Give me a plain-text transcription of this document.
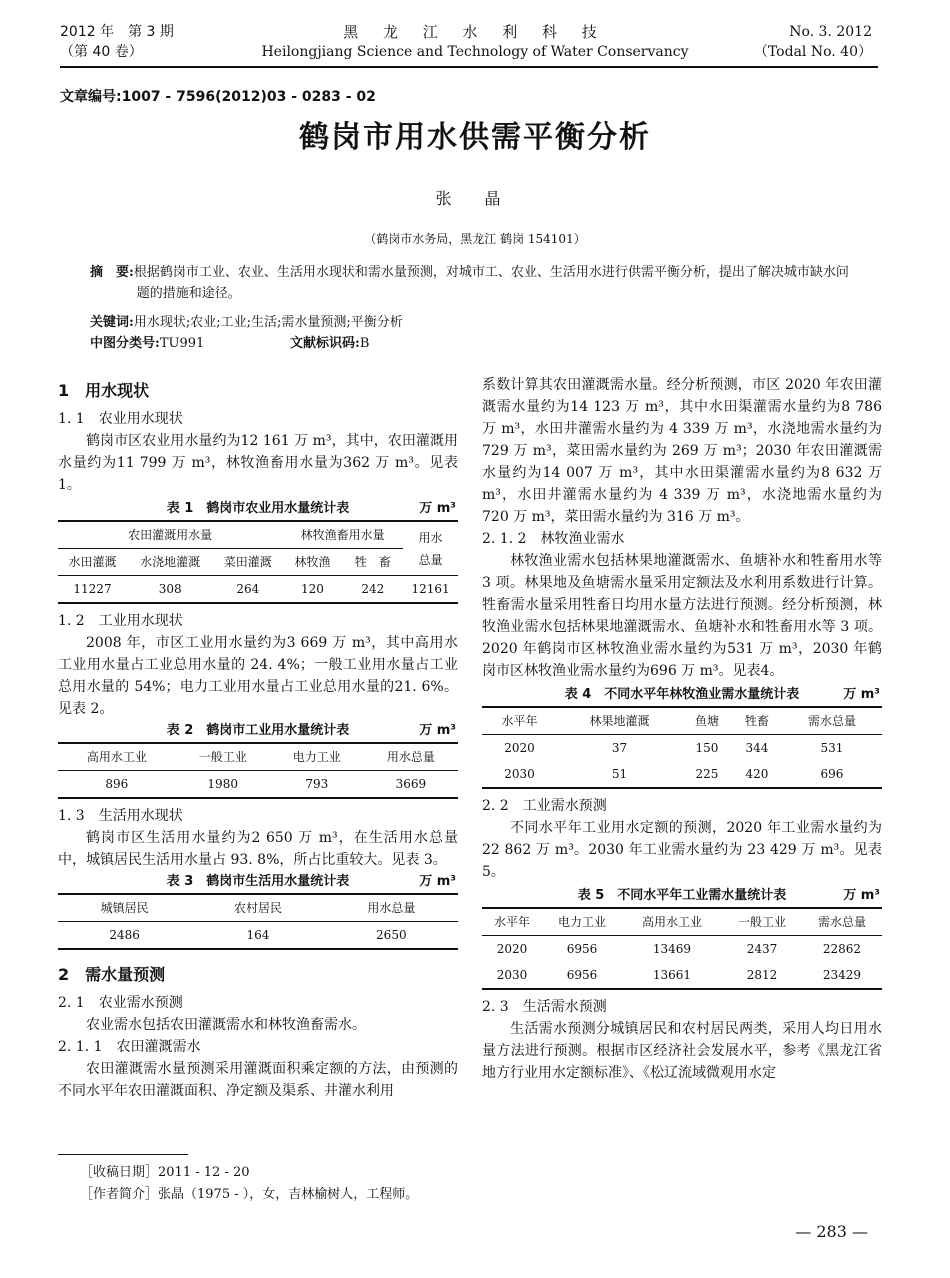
2012 年　第 3 期
（第 40 卷）
黑 龙 江 水 利 科 技
Heilongjiang Science and Technology of Water Conservancy
No. 3. 2012
（Todal No. 40）
文章编号:1007 - 7596(2012)03 - 0283 - 02
鹤岗市用水供需平衡分析
张 晶
（鹤岗市水务局，黑龙江 鹤岗 154101）
摘　要:根据鹤岗市工业、农业、生活用水现状和需水量预测，对城市工、农业、生活用水进行供需平衡分析，提出了解决城市缺水问题的措施和途径。
关键词:用水现状;农业;工业;生活;需水量预测;平衡分析
中图分类号:TU991	文献标识码:B
1　用水现状
1. 1　农业用水现状

鹤岗市区农业用水量约为12 161 万 m³，其中，农田灌溉用水量约为11 799 万 m³，林牧渔畜用水量为362 万 m³。见表1。

表 1　鹤岗市农业用水量统计表	万 m³
农田灌溉用水量			林牧渔畜用水量		用水
总量
水田灌溉	水浇地灌溉	菜田灌溉	林牧渔	牲　畜	
11227	308	264	120	242	12161
1. 2　工业用水现状

2008 年，市区工业用水量约为3 669 万 m³，其中高用水工业用水量占工业总用水量的 24. 4%；一般工业用水量占工业总用水量的 54%；电力工业用水量占工业总用水量的21. 6%。见表 2。

表 2　鹤岗市工业用水量统计表	万 m³
高用水工业	一般工业	电力工业	用水总量
896	1980	793	3669
1. 3　生活用水现状

鹤岗市区生活用水量约为2 650 万 m³，在生活用水总量中，城镇居民生活用水量占 93. 8%，所占比重较大。见表 3。

表 3　鹤岗市生活用水量统计表	万 m³
城镇居民	农村居民	用水总量
2486	164	2650
2　需水量预测
2. 1　农业需水预测

农业需水包括农田灌溉需水和林牧渔畜需水。

2. 1. 1　农田灌溉需水

农田灌溉需水量预测采用灌溉面积乘定额的方法，由预测的不同水平年农田灌溉面积、净定额及渠系、井灌水利用

系数计算其农田灌溉需水量。经分析预测，市区 2020 年农田灌溉需水量约为14 123 万 m³，其中水田渠灌需水量约为8 786 万 m³，水田井灌需水量约为 4 339 万 m³，水浇地需水量约为 729 万 m³，菜田需水量约为 269 万 m³；2030 年农田灌溉需水量约为14 007 万 m³，其中水田渠灌需水量约为8 632 万 m³，水田井灌需水量约为 4 339 万 m³，水浇地需水量约为 720 万 m³，菜田需水量约为 316 万 m³。

2. 1. 2　林牧渔业需水

林牧渔业需水包括林果地灌溉需水、鱼塘补水和牲畜用水等3 项。林果地及鱼塘需水量采用定额法及水利用系数进行计算。牲畜需水量采用牲畜日均用水量方法进行预测。经分析预测，林牧渔业需水包括林果地灌溉需水、鱼塘补水和牲畜用水等 3 项。2020 年鹤岗市区林牧渔业需水量约为531 万 m³，2030 年鹤岗市区林牧渔业需水量约为696 万 m³。见表4。

表 4　不同水平年林牧渔业需水量统计表	万 m³
水平年	林果地灌溉	鱼塘	牲畜	需水总量
2020	37	150	344	531
2030	51	225	420	696
2. 2　工业需水预测

不同水平年工业用水定额的预测，2020 年工业需水量约为 22 862 万 m³。2030 年工业需水量约为 23 429 万 m³。见表5。

表 5　不同水平年工业需水量统计表	万 m³
水平年	电力工业	高用水工业	一般工业	需水总量
2020	6956	13469	2437	22862
2030	6956	13661	2812	23429
2. 3　生活需水预测

生活需水预测分城镇居民和农村居民两类，采用人均日用水量方法进行预测。根据市区经济社会发展水平，参考《黑龙江省地方行业用水定额标准》、《松辽流域微观用水定

［收稿日期］2011 - 12 - 20
［作者简介］张晶（1975 - ），女，吉林榆树人，工程师。
— 283 —
